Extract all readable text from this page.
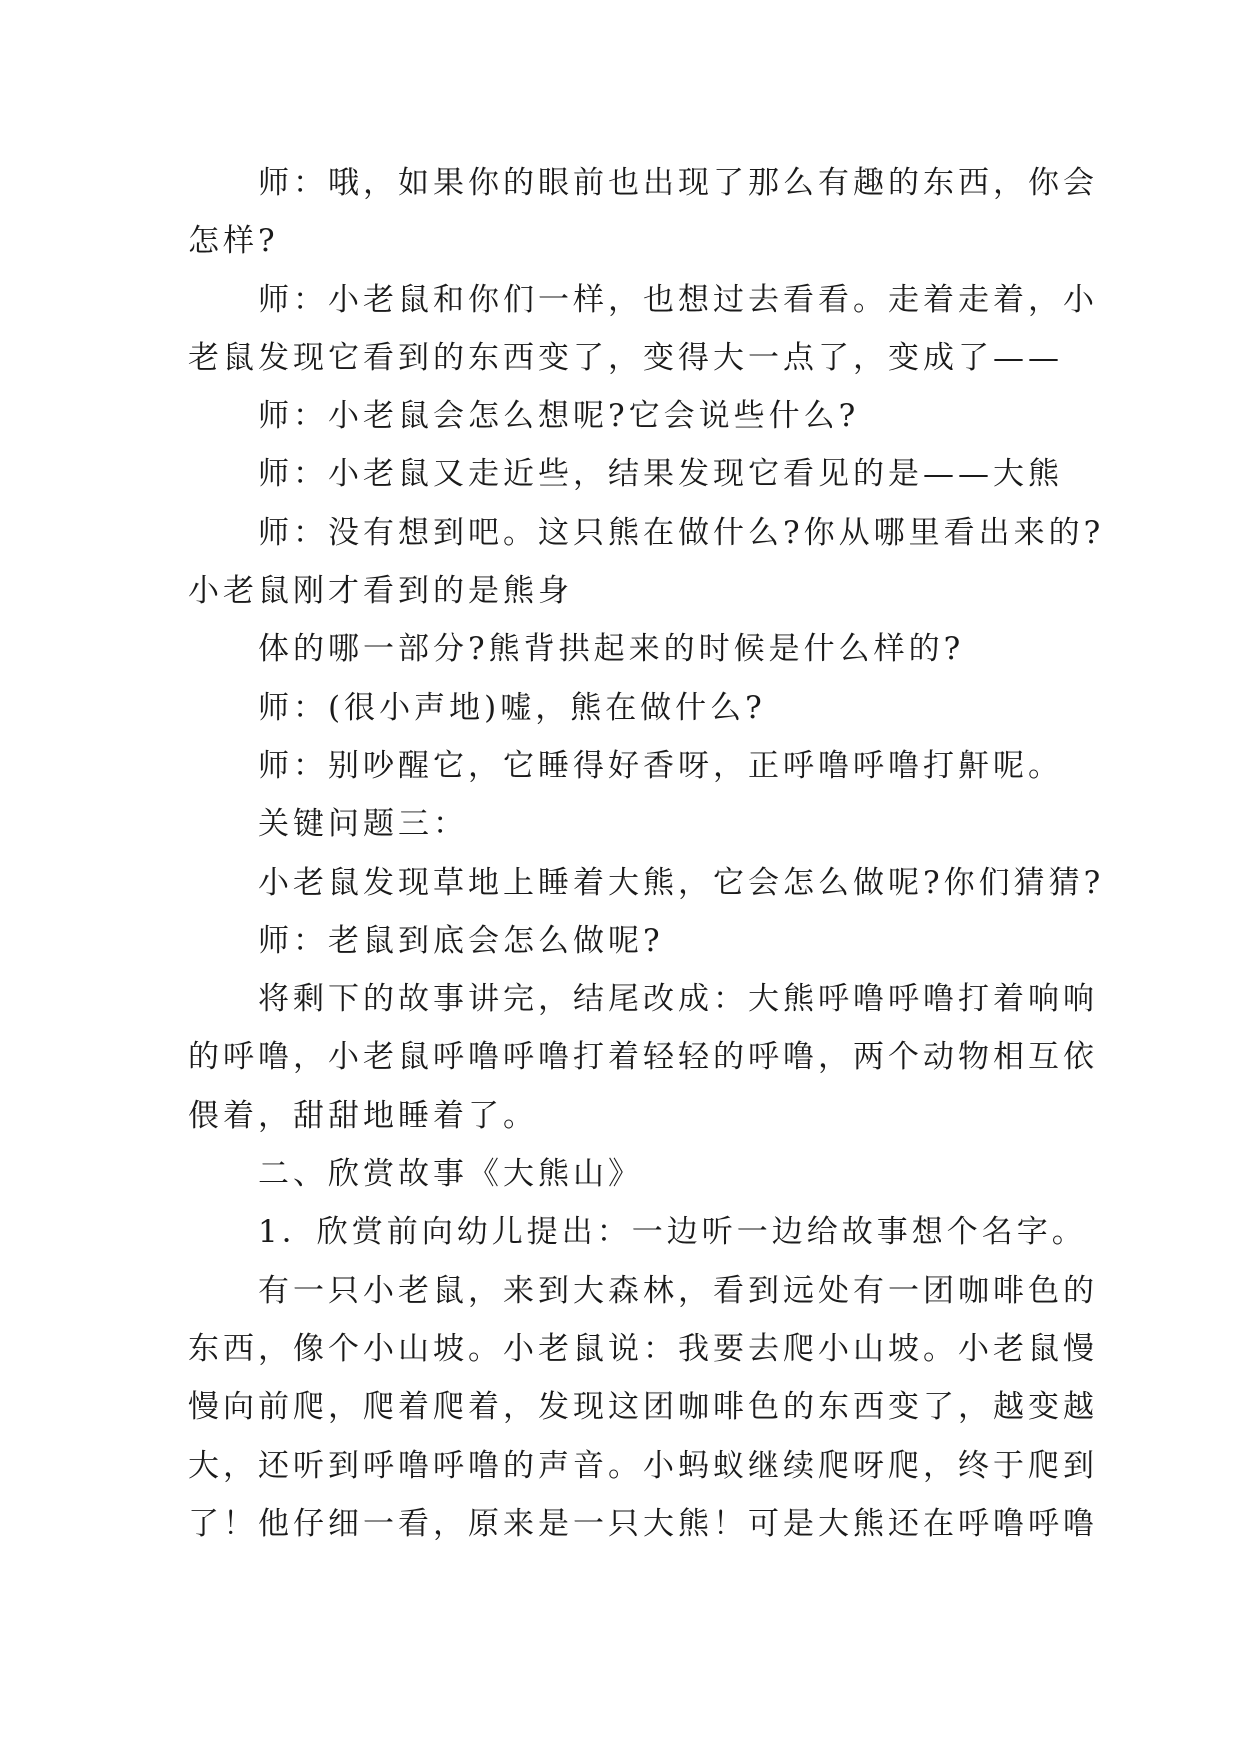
师：哦，如果你的眼前也出现了那么有趣的东西，你会

怎样?

师：小老鼠和你们一样，也想过去看看。走着走着，小

老鼠发现它看到的东西变了，变得大一点了，变成了——

师：小老鼠会怎么想呢?它会说些什么?

师：小老鼠又走近些，结果发现它看见的是——大熊

师：没有想到吧。这只熊在做什么?你从哪里看出来的?

小老鼠刚才看到的是熊身

体的哪一部分?熊背拱起来的时候是什么样的?

师：(很小声地)嘘，熊在做什么?

师：别吵醒它，它睡得好香呀，正呼噜呼噜打鼾呢。

关键问题三：

小老鼠发现草地上睡着大熊，它会怎么做呢?你们猜猜?

师：老鼠到底会怎么做呢?

将剩下的故事讲完，结尾改成：大熊呼噜呼噜打着响响

的呼噜，小老鼠呼噜呼噜打着轻轻的呼噜，两个动物相互依

偎着，甜甜地睡着了。

二、欣赏故事《大熊山》

1．欣赏前向幼儿提出：一边听一边给故事想个名字。

有一只小老鼠，来到大森林，看到远处有一团咖啡色的

东西，像个小山坡。小老鼠说：我要去爬小山坡。小老鼠慢

慢向前爬，爬着爬着，发现这团咖啡色的东西变了，越变越

大，还听到呼噜呼噜的声音。小蚂蚁继续爬呀爬，终于爬到

了！他仔细一看，原来是一只大熊！可是大熊还在呼噜呼噜
